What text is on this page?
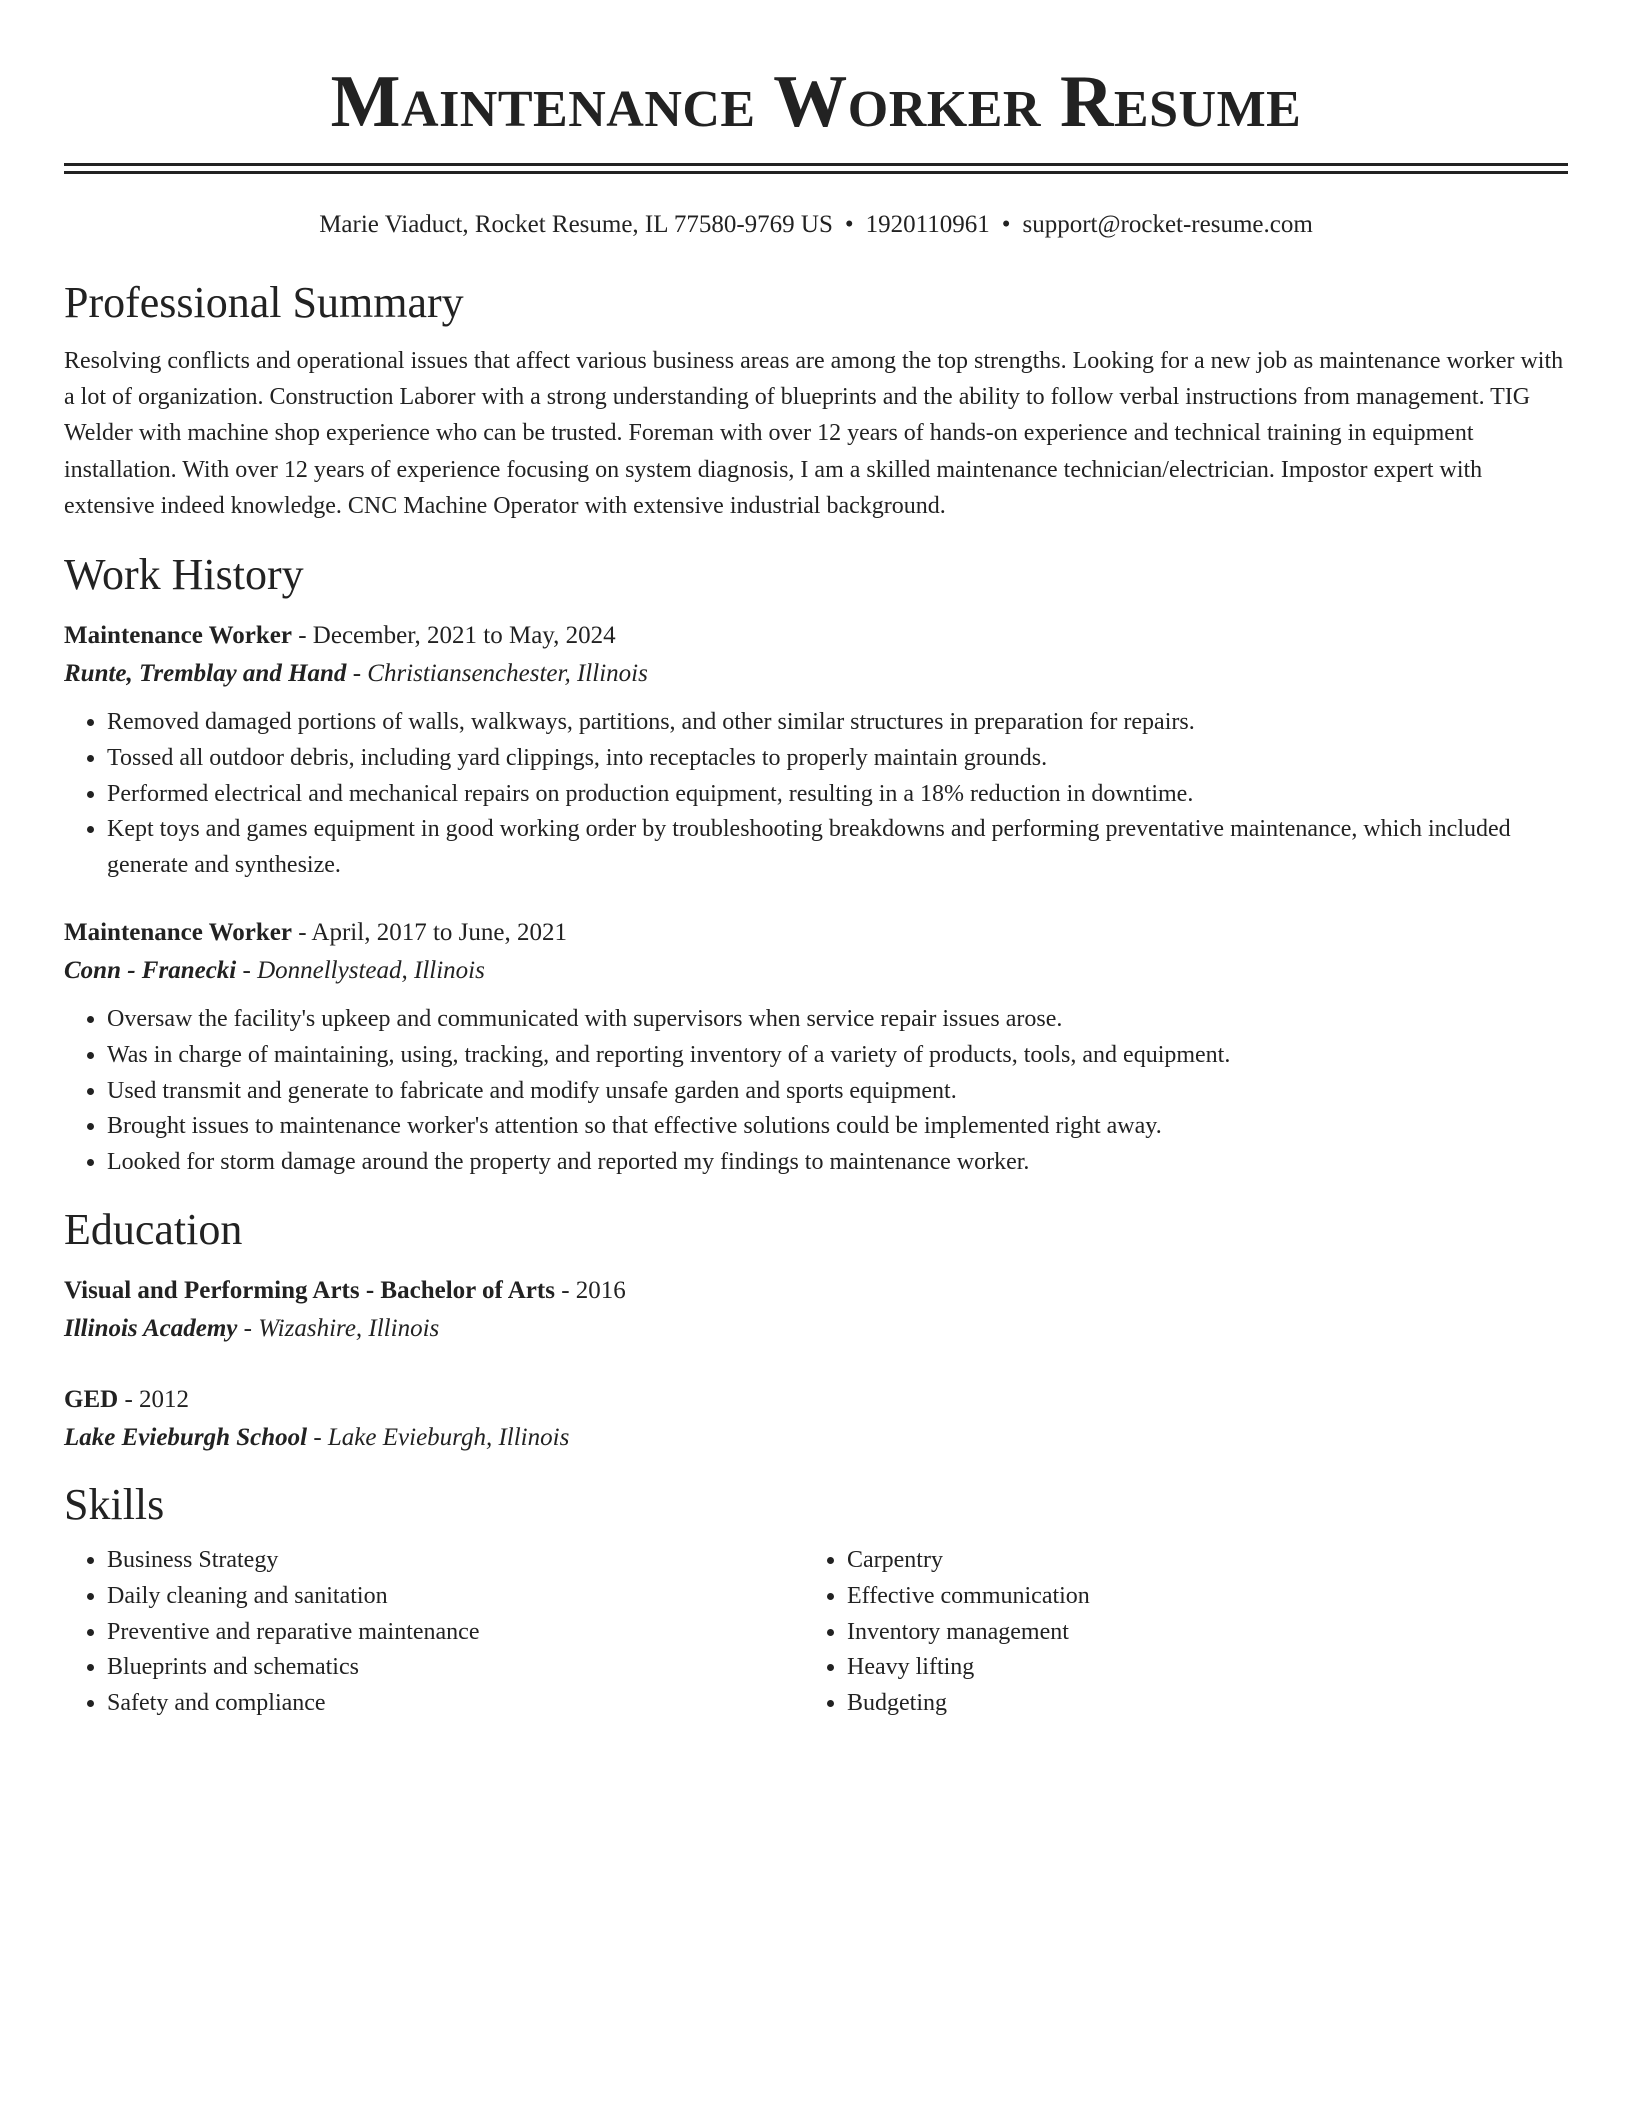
Maintenance Worker Resume
Marie Viaduct, Rocket Resume, IL 77580-9769 US • 1920110961 • support@rocket-resume.com
Professional Summary

Resolving conflicts and operational issues that affect various business areas are among the top strengths. Looking for a new job as maintenance worker with a lot of organization. Construction Laborer with a strong understanding of blueprints and the ability to follow verbal instructions from management. TIG Welder with machine shop experience who can be trusted. Foreman with over 12 years of hands-on experience and technical training in equipment installation. With over 12 years of experience focusing on system diagnosis, I am a skilled maintenance technician/electrician. Impostor expert with extensive indeed knowledge. CNC Machine Operator with extensive industrial background.

Work History
Maintenance Worker - December, 2021 to May, 2024
Runte, Tremblay and Hand - Christiansenchester, Illinois
• Removed damaged portions of walls, walkways, partitions, and other similar structures in preparation for repairs.
• Tossed all outdoor debris, including yard clippings, into receptacles to properly maintain grounds.
• Performed electrical and mechanical repairs on production equipment, resulting in a 18% reduction in downtime.
• Kept toys and games equipment in good working order by troubleshooting breakdowns and performing preventative maintenance, which included generate and synthesize.
Maintenance Worker - April, 2017 to June, 2021
Conn - Franecki - Donnellystead, Illinois
• Oversaw the facility's upkeep and communicated with supervisors when service repair issues arose.
• Was in charge of maintaining, using, tracking, and reporting inventory of a variety of products, tools, and equipment.
• Used transmit and generate to fabricate and modify unsafe garden and sports equipment.
• Brought issues to maintenance worker's attention so that effective solutions could be implemented right away.
• Looked for storm damage around the property and reported my findings to maintenance worker.
Education
Visual and Performing Arts - Bachelor of Arts - 2016
Illinois Academy - Wizashire, Illinois
GED - 2012
Lake Evieburgh School - Lake Evieburgh, Illinois
Skills
• Business Strategy
• Daily cleaning and sanitation
• Preventive and reparative maintenance
• Blueprints and schematics
• Safety and compliance
• Carpentry
• Effective communication
• Inventory management
• Heavy lifting
• Budgeting
